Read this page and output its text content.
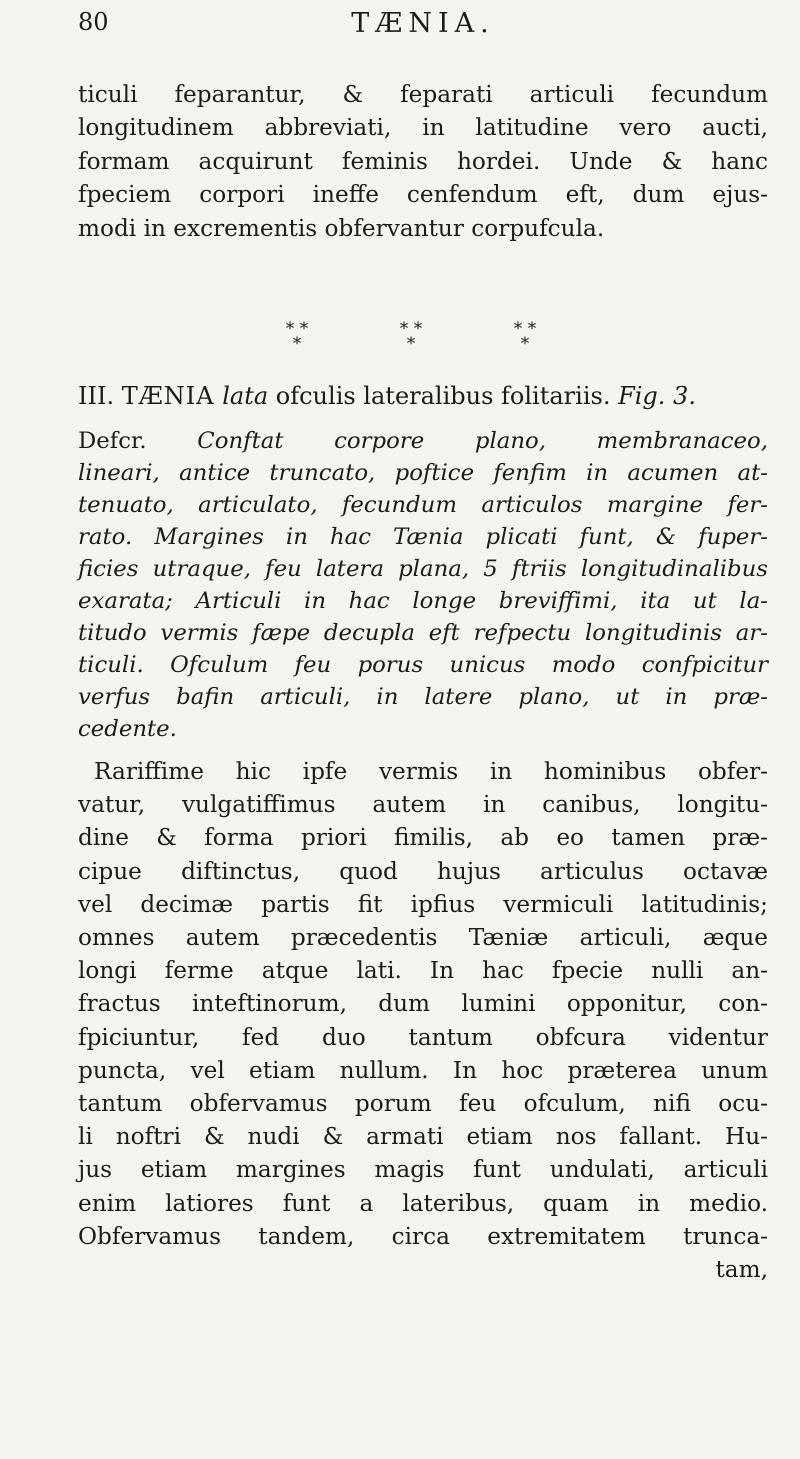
80	TÆNIA.
ticuli feparantur, & feparati articuli fecundum
longitudinem abbreviati, in latitudine vero aucti,
formam acquirunt feminis hordei. Unde & hanc
fpeciem corpori ineffe cenfendum eft, dum ejus-
modi in excrementis obfervantur corpufcula.
* *
*
* *
*
* *
*
III. TÆNIA lata ofculis lateralibus folitariis. Fig. 3.
Defcr. Conftat corpore plano, membranaceo,
lineari, antice truncato, poftice fenfim in acumen at-
tenuato, articulato, fecundum articulos margine fer-
rato. Margines in hac Tænia plicati funt, & fuper-
ficies utraque, feu latera plana, 5 ftriis longitudinalibus
exarata; Articuli in hac longe breviffimi, ita ut la-
titudo vermis fæpe decupla eft refpectu longitudinis ar-
ticuli. Ofculum feu porus unicus modo confpicitur
verfus bafin articuli, in latere plano, ut in præ-
cedente.
Rariffime hic ipfe vermis in hominibus obfer-
vatur, vulgatiffimus autem in canibus, longitu-
dine & forma priori fimilis, ab eo tamen præ-
cipue diftinctus, quod hujus articulus octavæ
vel decimæ partis fit ipfius vermiculi latitudinis;
omnes autem præcedentis Tæniæ articuli, æque
longi ferme atque lati. In hac fpecie nulli an-
fractus inteftinorum, dum lumini opponitur, con-
fpiciuntur, fed duo tantum obfcura videntur
puncta, vel etiam nullum. In hoc præterea unum
tantum obfervamus porum feu ofculum, nifi ocu-
li noftri & nudi & armati etiam nos fallant. Hu-
jus etiam margines magis funt undulati, articuli
enim latiores funt a lateribus, quam in medio.
Obfervamus tandem, circa extremitatem trunca-
tam,
